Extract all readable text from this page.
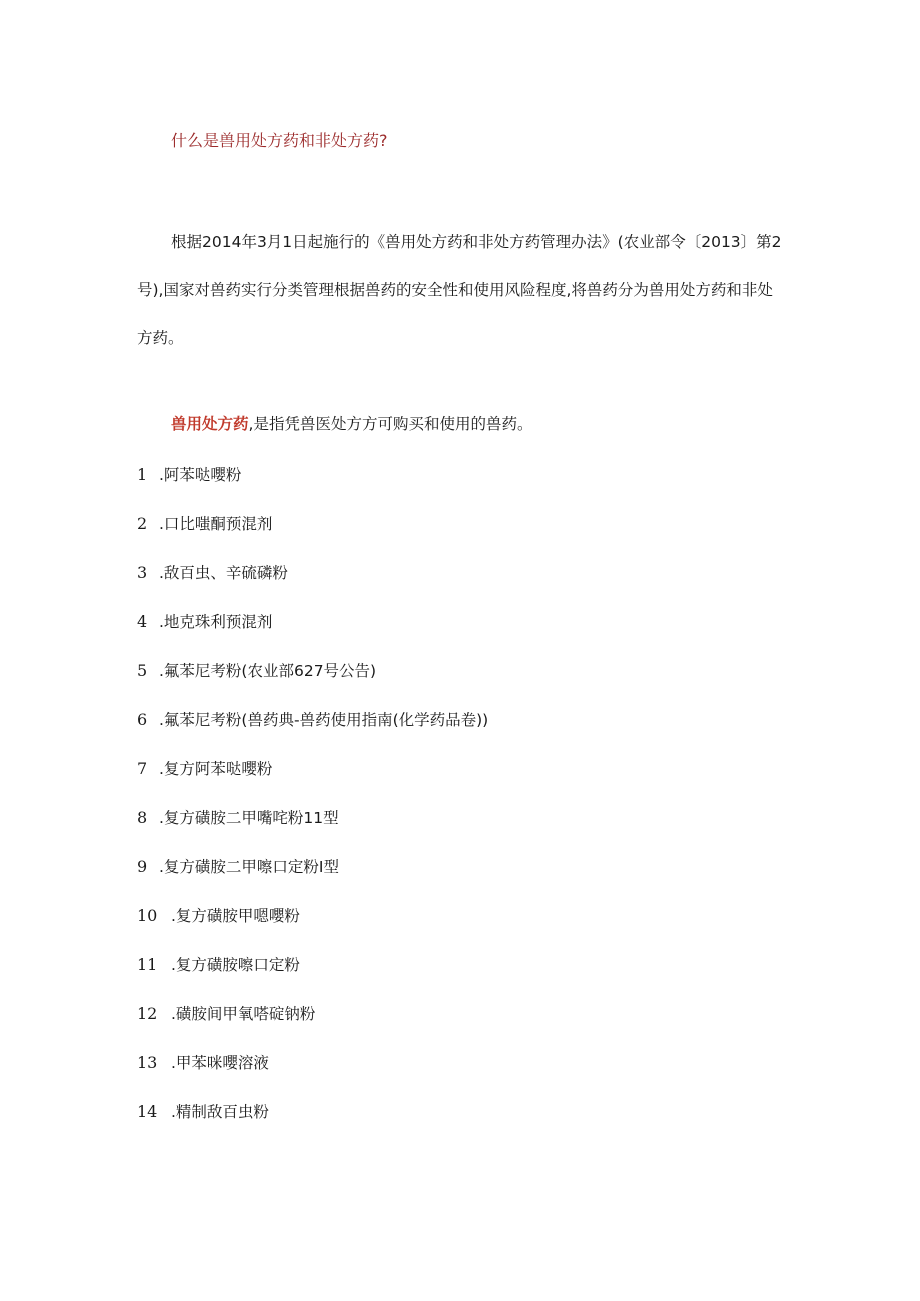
什么是兽用处方药和非处方药?

根据2014年3月1日起施行的《兽用处方药和非处方药管理办法》(农业部令〔2013〕第2号),国家对兽药实行分类管理根据兽药的安全性和使用风险程度,将兽药分为兽用处方药和非处方药。

兽用处方药,是指凭兽医处方方可购买和使用的兽药。
1 .阿苯哒嚶粉
2 .口比嗤酮预混剂
3 .敌百虫、辛硫磷粉
4 .地克珠利预混剂
5 .氟苯尼考粉(农业部627号公告)
6 .氟苯尼考粉(兽药典-兽药使用指南(化学药品卷))
7 .复方阿苯哒嚶粉
8 .复方磺胺二甲嘴咤粉11型
9 .复方磺胺二甲嚓口定粉I型
10 .复方磺胺甲嗯嚶粉
11 .复方磺胺嚓口定粉
12 .磺胺间甲氧嗒碇钠粉
13 .甲苯咪嚶溶液
14 .精制敌百虫粉
